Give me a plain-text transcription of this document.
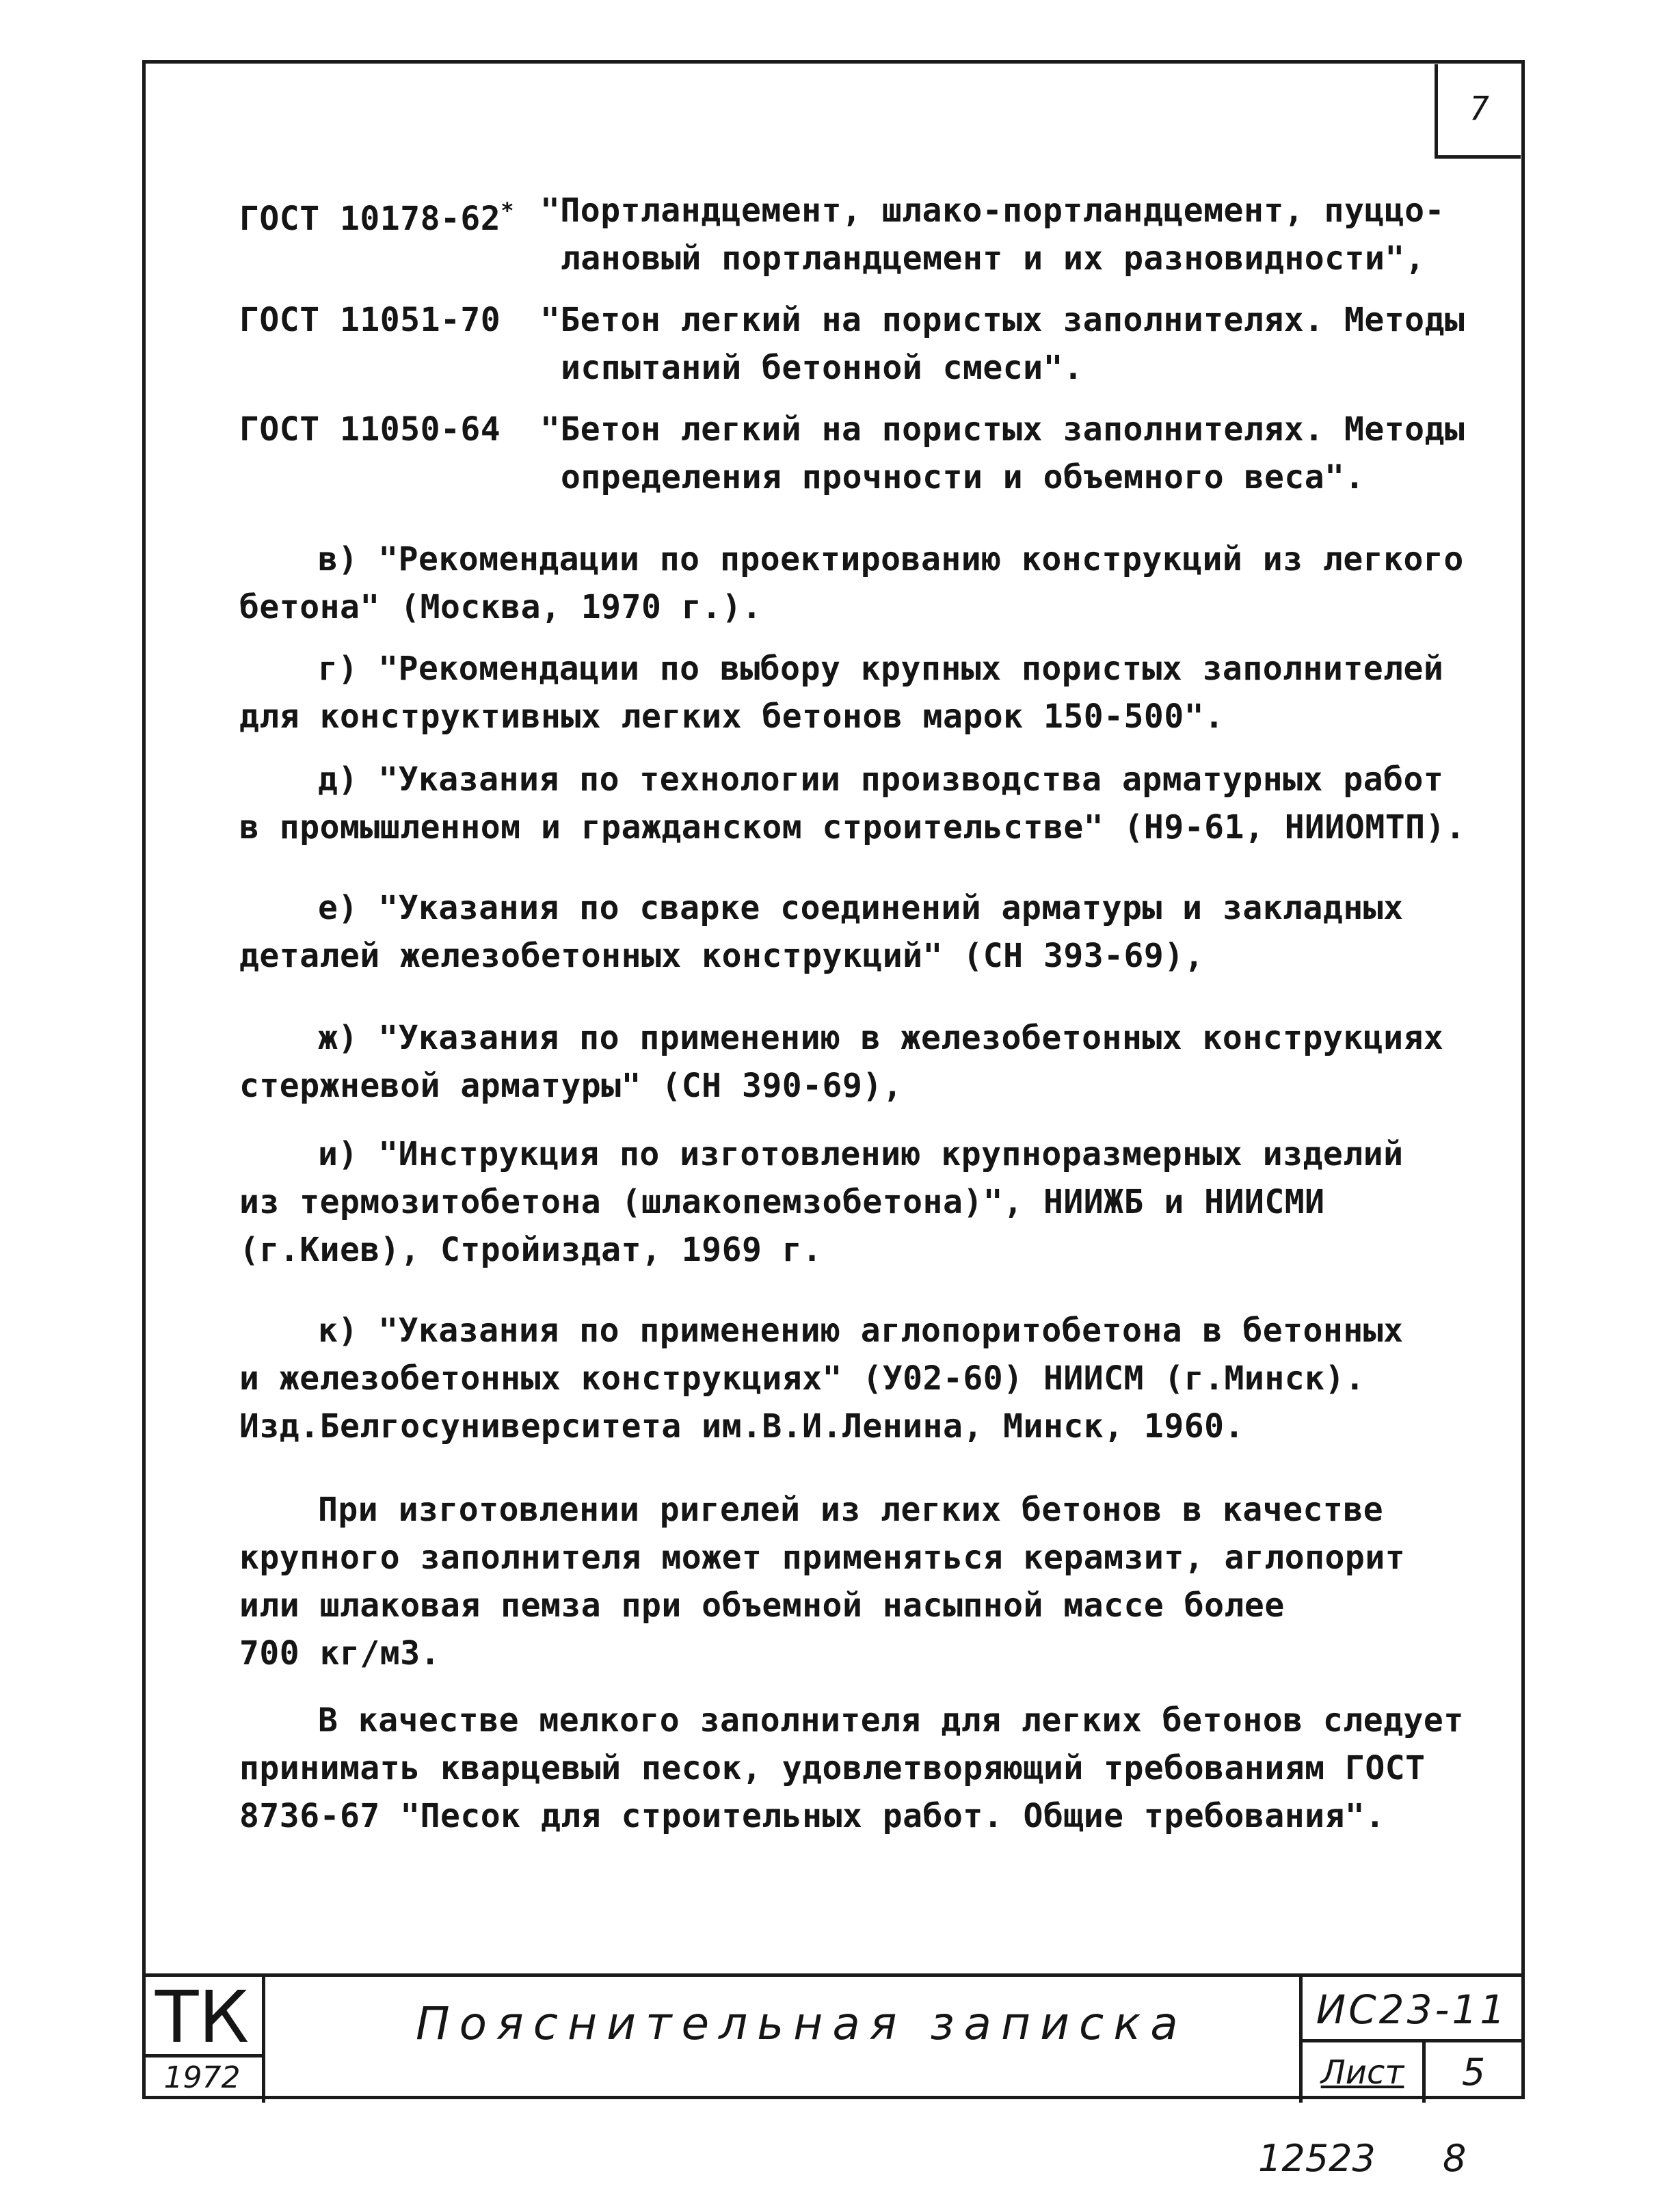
7
ГОСТ 10178-62* "Портландцемент, шлако-портландцемент, пуццо-
лановый портландцемент и их разновидности",
ГОСТ 11051-70 "Бетон легкий на пористых заполнителях. Методы
испытаний бетонной смеси".
ГОСТ 11050-64 "Бетон легкий на пористых заполнителях. Методы
определения прочности и объемного веса".
в) "Рекомендации по проектированию конструкций из легкого
бетона" (Москва, 1970 г.).
г) "Рекомендации по выбору крупных пористых заполнителей
для конструктивных легких бетонов марок 150-500".
д) "Указания по технологии производства арматурных работ
в промышленном и гражданском строительстве" (Н9-61, НИИОМТП).
е) "Указания по сварке соединений арматуры и закладных
деталей железобетонных конструкций" (СН 393-69),
ж) "Указания по применению в железобетонных конструкциях
стержневой арматуры" (СН 390-69),
и) "Инструкция по изготовлению крупноразмерных изделий
из термозитобетона (шлакопемзобетона)", НИИЖБ и НИИСМИ
(г.Киев), Стройиздат, 1969 г.
к) "Указания по применению аглопоритобетона в бетонных
и железобетонных конструкциях" (У02-60) НИИСМ (г.Минск).
Изд.Белгосуниверситета им.В.И.Ленина, Минск, 1960.
При изготовлении ригелей из легких бетонов в качестве
крупного заполнителя может применяться керамзит, аглопорит
или шлаковая пемза при объемной насыпной массе более
700 кг/м3.
В качестве мелкого заполнителя для легких бетонов следует
принимать кварцевый песок, удовлетворяющий требованиям ГОСТ
8736-67 "Песок для строительных работ. Общие требования".
ТК
1972
Пояснительная записка	ИС23-11
Лист	5
12523 8
